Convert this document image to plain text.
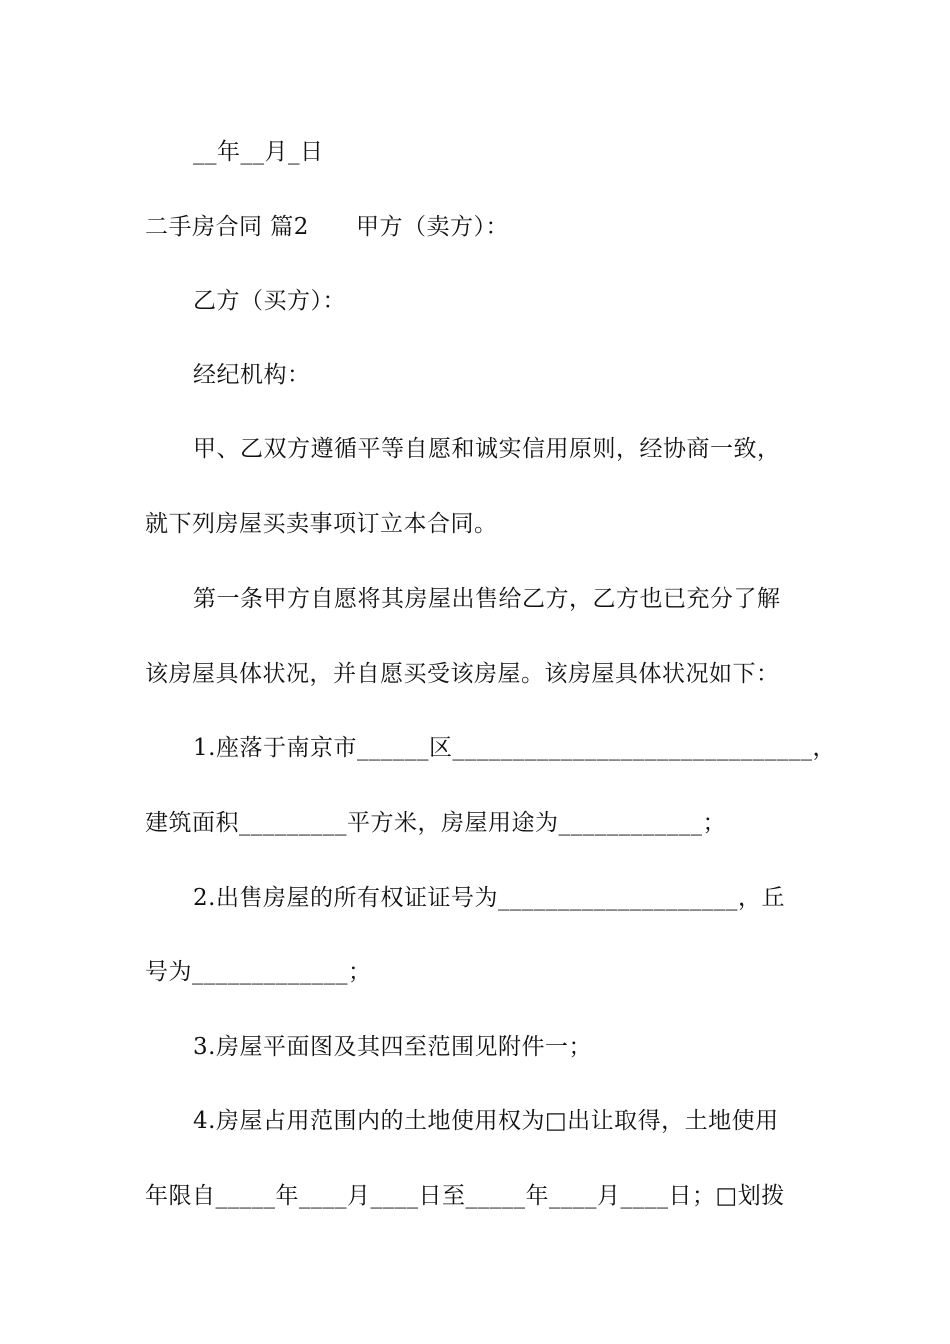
__年__月_日
二手房合同 篇2　　甲方（卖方）：
乙方（买方）：
经纪机构：
甲、乙双方遵循平等自愿和诚实信用原则，经协商一致，
就下列房屋买卖事项订立本合同。
第一条甲方自愿将其房屋出售给乙方，乙方也已充分了解
该房屋具体状况，并自愿买受该房屋。该房屋具体状况如下：
1.座落于南京市______区______________________________，
建筑面积_________平方米，房屋用途为____________；
2.出售房屋的所有权证证号为____________________，丘
号为_____________；
3.房屋平面图及其四至范围见附件一；
4.房屋占用范围内的土地使用权为□出让取得，土地使用
年限自_____年____月____日至_____年____月____日；□划拨
